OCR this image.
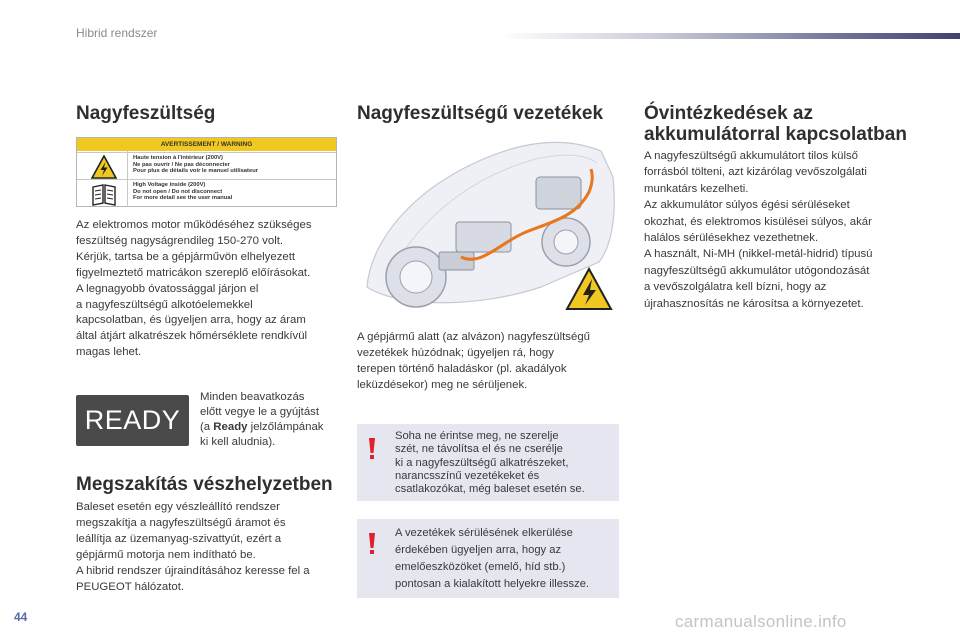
Hibrid rendszer
Nagyfeszültség
AVERTISSEMENT / WARNING
Haute tension à l'intérieur (200V)
Ne pas ouvrir / Ne pas déconnecter
Pour plus de détails voir le manuel utilisateur
High Voltage inside (200V)
Do not open / Do not disconnect
For more detail see the user manual
Az elektromos motor működéséhez szükséges
feszültség nagyságrendileg 150-270 volt.
Kérjük, tartsa be a gépjárművön elhelyezett
figyelmeztető matricákon szereplő előírásokat.
A legnagyobb óvatossággal járjon el
a nagyfeszültségű alkotóelemekkel
kapcsolatban, és ügyeljen arra, hogy az áram
által átjárt alkatrészek hőmérséklete rendkívül
magas lehet.
READY
Minden beavatkozás
előtt vegye le a gyújtást
(a Ready jelzőlámpának
ki kell aludnia).
Megszakítás vészhelyzetben
Baleset esetén egy vészleállító rendszer
megszakítja a nagyfeszültségű áramot és
leállítja az üzemanyag-szivattyút, ezért a
gépjármű motorja nem indítható be.
A hibrid rendszer újraindításához keresse fel a
PEUGEOT hálózatot.
Nagyfeszültségű vezetékek
A gépjármű alatt (az alvázon) nagyfeszültségű
vezetékek húzódnak; ügyeljen rá, hogy
terepen történő haladáskor (pl. akadályok
leküzdésekor) meg ne sérüljenek.
Soha ne érintse meg, ne szerelje
szét, ne távolítsa el és ne cserélje
ki a nagyfeszültségű alkatrészeket,
narancsszínű vezetékeket és
csatlakozókat, még baleset esetén se.
A vezetékek sérülésének elkerülése
érdekében ügyeljen arra, hogy az
emelőeszközöket (emelő, híd stb.)
pontosan a kialakított helyekre illessze.
Óvintézkedések az
akkumulátorral kapcsolatban
A nagyfeszültségű akkumulátort tilos külső
forrásból tölteni, azt kizárólag vevőszolgálati
munkatárs kezelheti.
Az akkumulátor súlyos égési sérüléseket
okozhat, és elektromos kisülései súlyos, akár
halálos sérülésekhez vezethetnek.
A használt, Ni-MH (nikkel-metál-hidrid) típusú
nagyfeszültségű akkumulátor utógondozását
a vevőszolgálatra kell bízni, hogy az
újrahasznosítás ne károsítsa a környezetet.
44	carmanualsonline.info
